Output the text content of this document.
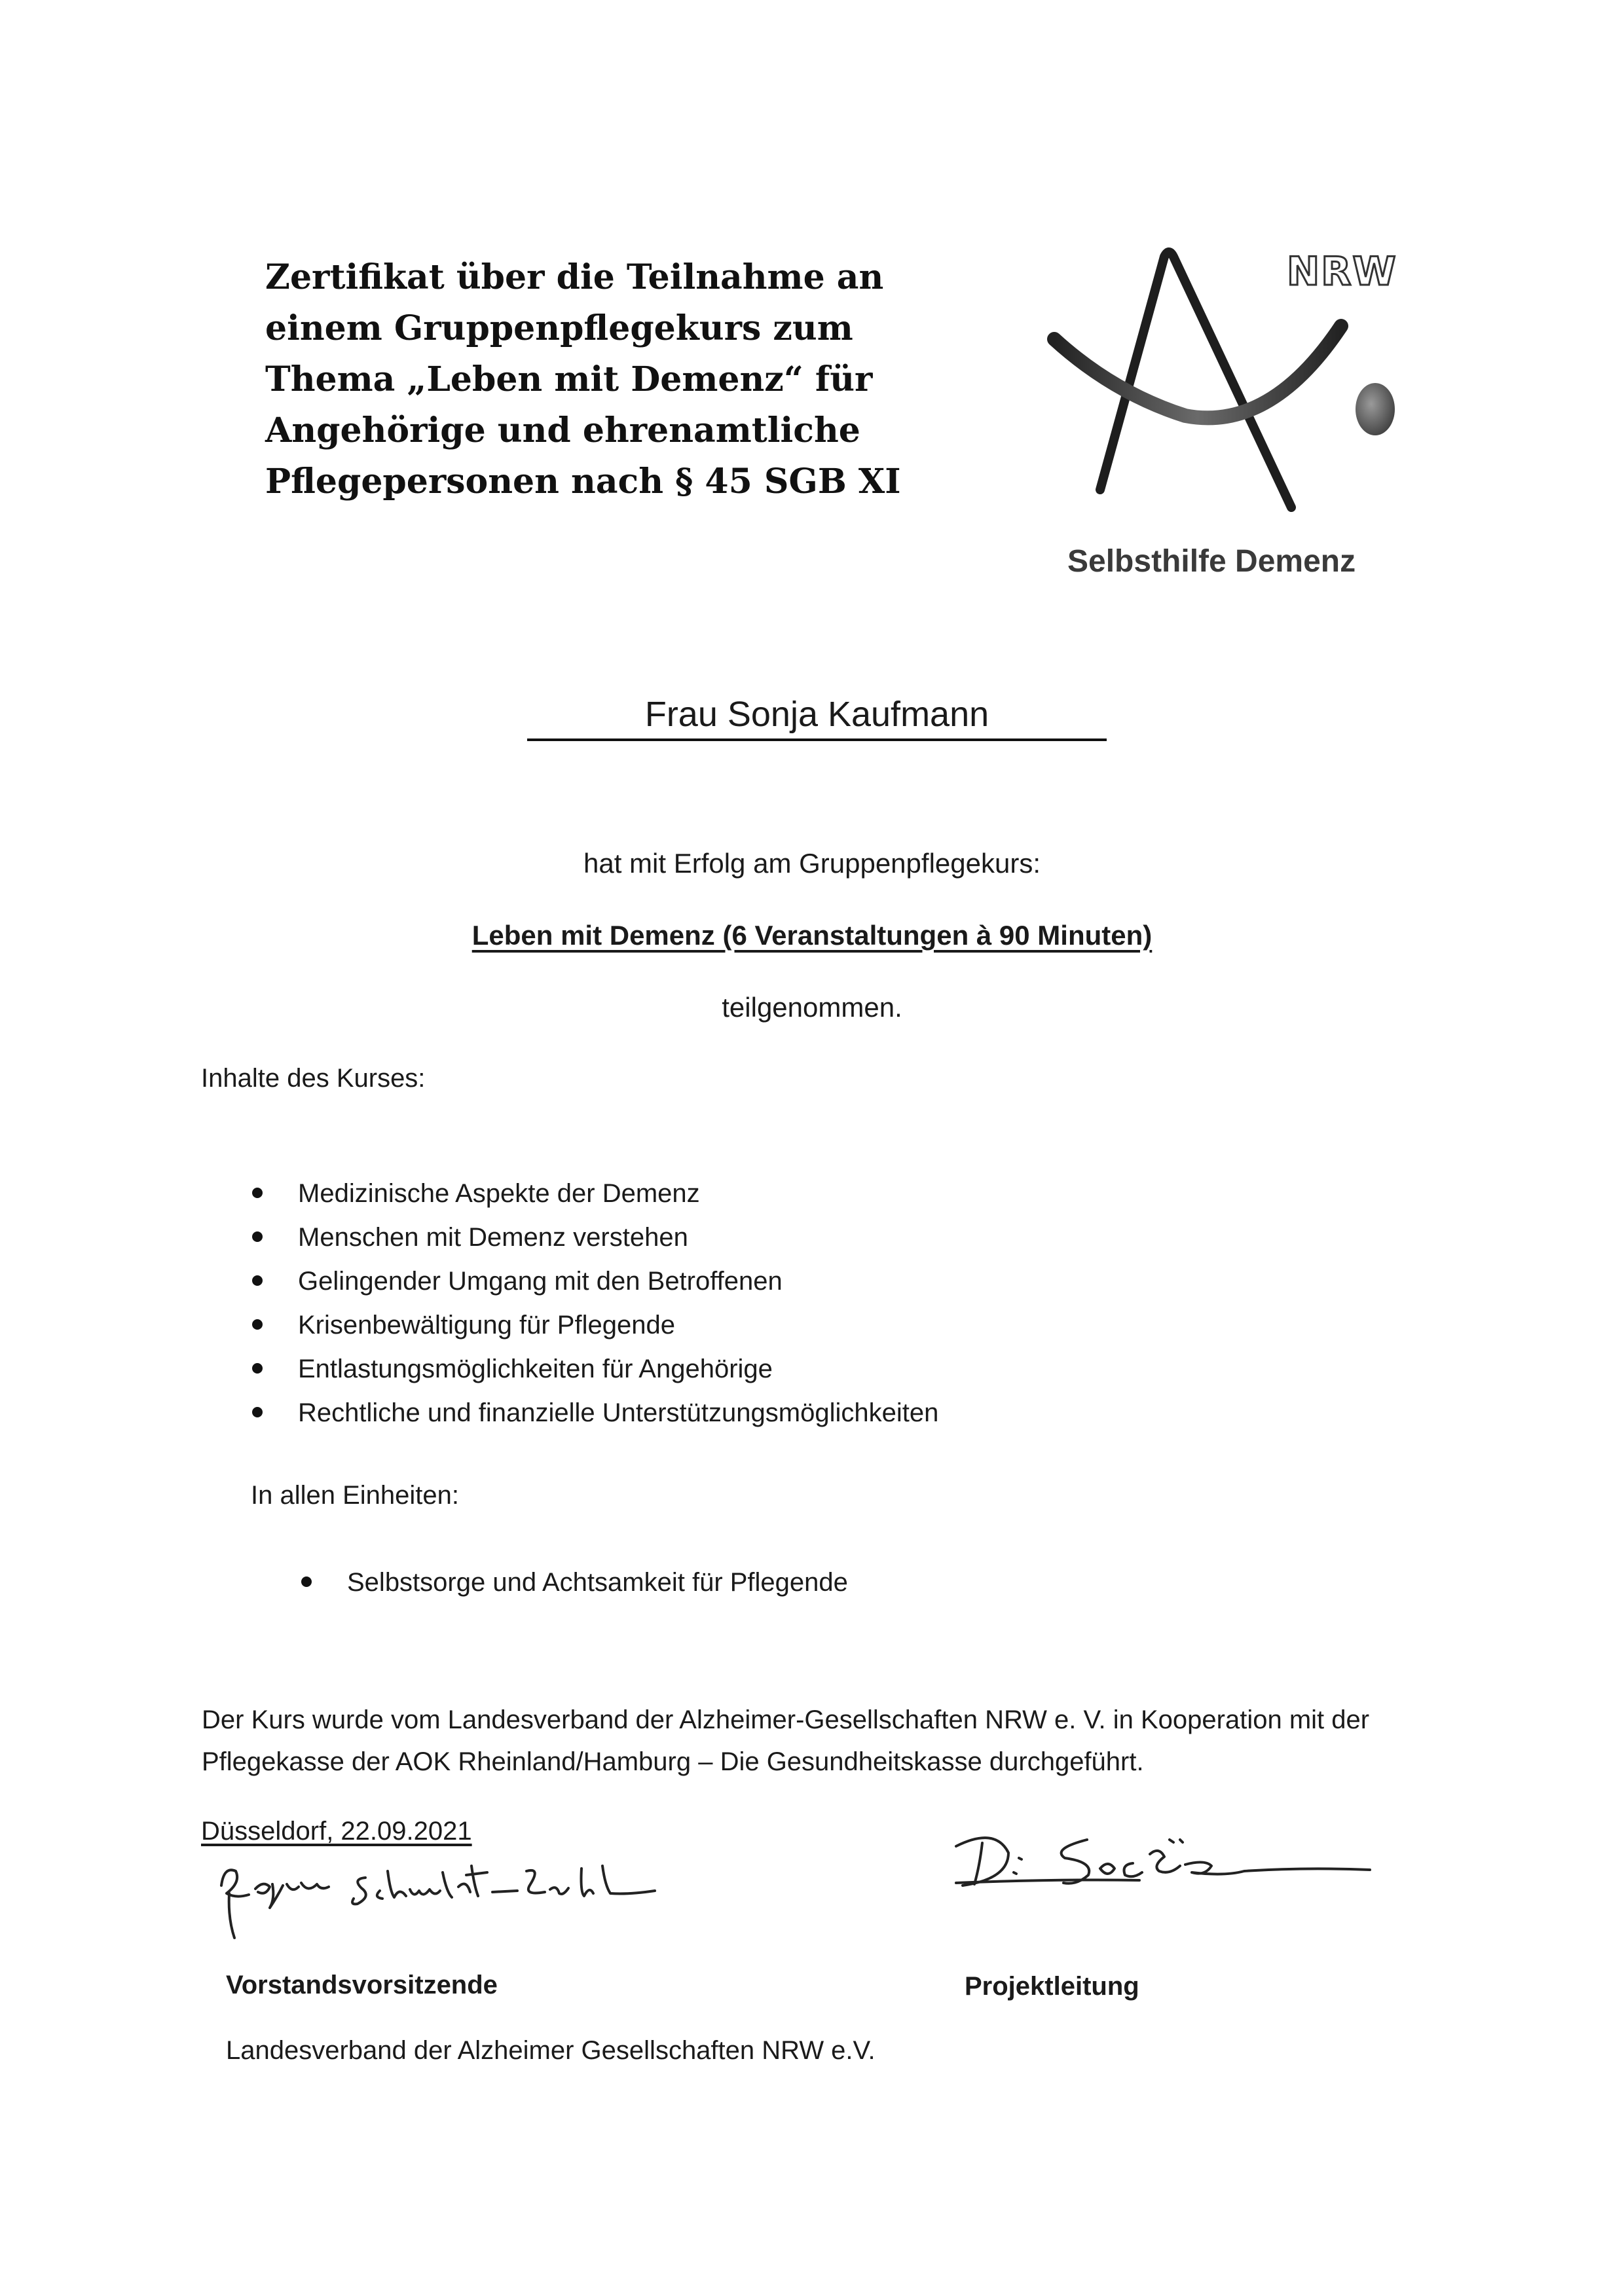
Zertifikat über die Teilnahme an
einem Gruppenpflegekurs zum
Thema „Leben mit Demenz“ für
Angehörige und ehrenamtliche
Pflegepersonen nach § 45 SGB XI
NRW
Selbsthilfe Demenz
Frau Sonja Kaufmann
hat mit Erfolg am Gruppenpflegekurs:
Leben mit Demenz (6 Veranstaltungen à 90 Minuten)
teilgenommen.
Inhalte des Kurses:
Medizinische Aspekte der Demenz
Menschen mit Demenz verstehen
Gelingender Umgang mit den Betroffenen
Krisenbewältigung für Pflegende
Entlastungsmöglichkeiten für Angehörige
Rechtliche und finanzielle Unterstützungsmöglichkeiten
In allen Einheiten:
Selbstsorge und Achtsamkeit für Pflegende
Der Kurs wurde vom Landesverband der Alzheimer-Gesellschaften NRW e. V. in Kooperation mit der
Pflegekasse der AOK Rheinland/Hamburg – Die Gesundheitskasse durchgeführt.
Düsseldorf, 22.09.2021
Vorstandsvorsitzende	Projektleitung
Landesverband der Alzheimer Gesellschaften NRW e.V.
